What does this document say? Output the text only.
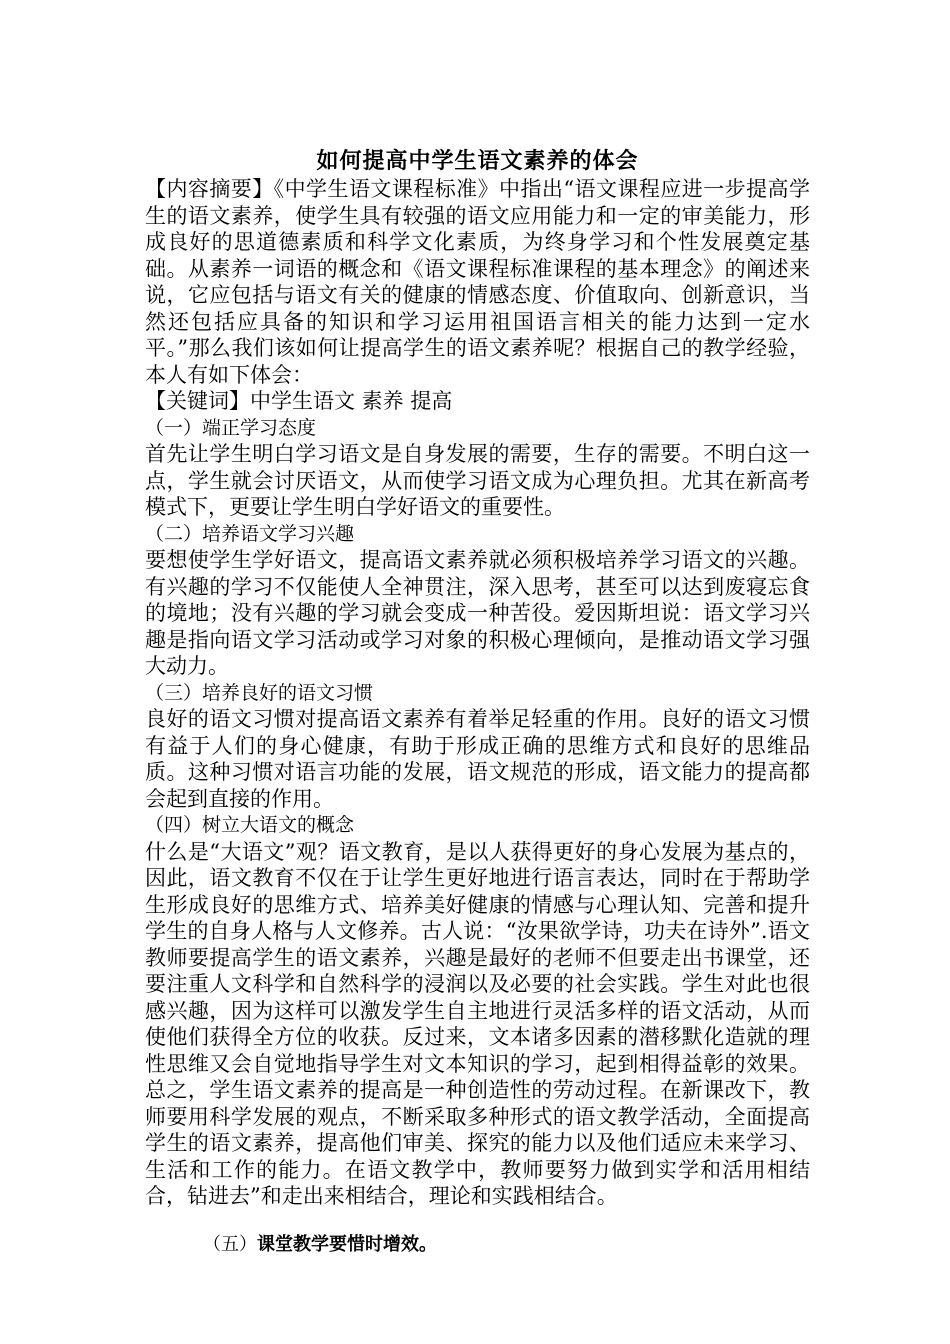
如何提高中学生语文素养的体会

【内容摘要】《中学生语文课程标准》中指出“语文课程应进一步提高学生的语文素养，使学生具有较强的语文应用能力和一定的审美能力，形成良好的思道德素质和科学文化素质，为终身学习和个性发展奠定基础。从素养一词语的概念和《语文课程标准课程的基本理念》的阐述来说，它应包括与语文有关的健康的情感态度、价值取向、创新意识，当然还包括应具备的知识和学习运用祖国语言相关的能力达到一定水平。”那么我们该如何让提高学生的语文素养呢？根据自己的教学经验，本人有如下体会：

【关键词】中学生语文 素养 提高

（一）端正学习态度

首先让学生明白学习语文是自身发展的需要，生存的需要。不明白这一点，学生就会讨厌语文，从而使学习语文成为心理负担。尤其在新高考模式下，更要让学生明白学好语文的重要性。

（二）培养语文学习兴趣

要想使学生学好语文，提高语文素养就必须积极培养学习语文的兴趣。有兴趣的学习不仅能使人全神贯注，深入思考，甚至可以达到废寝忘食的境地；没有兴趣的学习就会变成一种苦役。爱因斯坦说：语文学习兴趣是指向语文学习活动或学习对象的积极心理倾向，是推动语文学习强大动力。

（三）培养良好的语文习惯

良好的语文习惯对提高语文素养有着举足轻重的作用。良好的语文习惯有益于人们的身心健康，有助于形成正确的思维方式和良好的思维品质。这种习惯对语言功能的发展，语文规范的形成，语文能力的提高都会起到直接的作用。

（四）树立大语文的概念

什么是“大语文”观？语文教育，是以人获得更好的身心发展为基点的，因此，语文教育不仅在于让学生更好地进行语言表达，同时在于帮助学生形成良好的思维方式、培养美好健康的情感与心理认知、完善和提升学生的自身人格与人文修养。古人说：“汝果欲学诗，功夫在诗外”.语文教师要提高学生的语文素养，兴趣是最好的老师不但要走出书课堂，还要注重人文科学和自然科学的浸润以及必要的社会实践。学生对此也很感兴趣，因为这样可以激发学生自主地进行灵活多样的语文活动，从而使他们获得全方位的收获。反过来，文本诸多因素的潜移默化造就的理性思维又会自觉地指导学生对文本知识的学习，起到相得益彰的效果。总之，学生语文素养的提高是一种创造性的劳动过程。在新课改下，教师要用科学发展的观点，不断采取多种形式的语文教学活动，全面提高学生的语文素养，提高他们审美、探究的能力以及他们适应未来学习、生活和工作的能力。在语文教学中，教师要努力做到实学和活用相结合，钻进去”和走出来相结合，理论和实践相结合。

（五）课堂教学要惜时增效。
